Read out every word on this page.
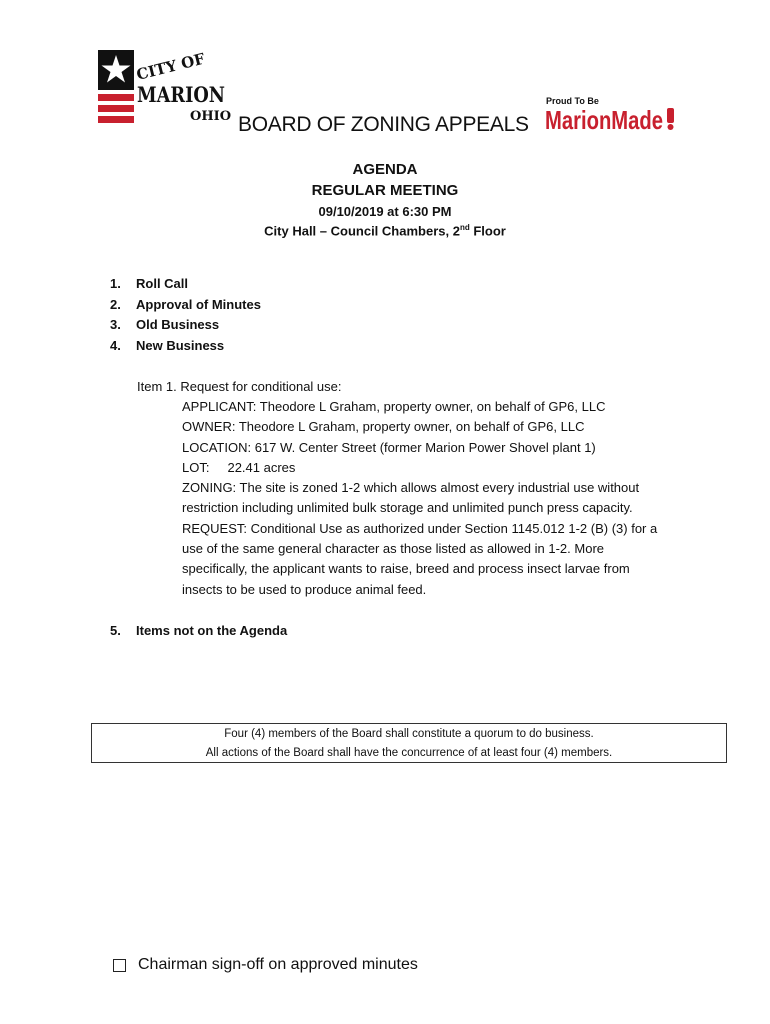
CITY OF
MARION
OHIO
Proud To Be
MarionMade
BOARD OF ZONING APPEALS
AGENDA
REGULAR MEETING
09/10/2019 at 6:30 PM
City Hall – Council Chambers, 2nd Floor
1. Roll Call
2. Approval of Minutes
3. Old Business
4. New Business
Item 1. Request for conditional use:
APPLICANT: Theodore L Graham, property owner, on behalf of GP6, LLC
OWNER: Theodore L Graham, property owner, on behalf of GP6, LLC
LOCATION: 617 W. Center Street (former Marion Power Shovel plant 1)
LOT: 22.41 acres
ZONING: The site is zoned 1-2 which allows almost every industrial use without
restriction including unlimited bulk storage and unlimited punch press capacity.
REQUEST: Conditional Use as authorized under Section 1145.012 1-2 (B) (3) for a
use of the same general character as those listed as allowed in 1-2. More
specifically, the applicant wants to raise, breed and process insect larvae from
insects to be used to produce animal feed.
5. Items not on the Agenda
Four (4) members of the Board shall constitute a quorum to do business.
All actions of the Board shall have the concurrence of at least four (4) members.
Chairman sign-off on approved minutes
